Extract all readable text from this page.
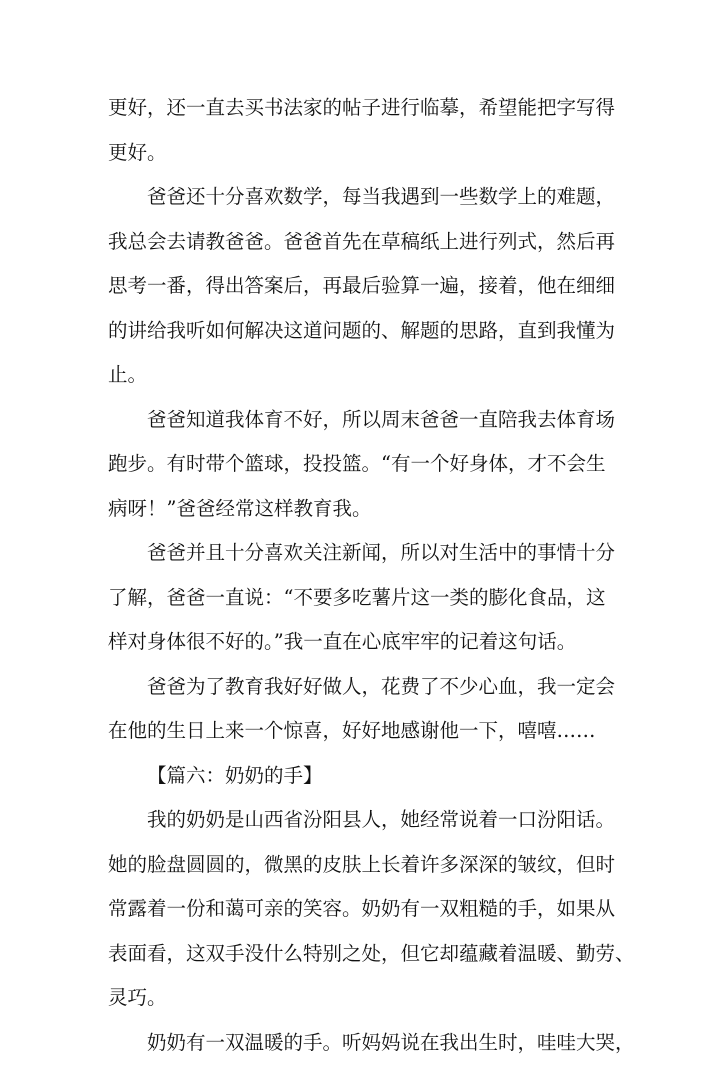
更好，还一直去买书法家的帖子进行临摹，希望能把字写得
更好。
爸爸还十分喜欢数学，每当我遇到一些数学上的难题，
我总会去请教爸爸。爸爸首先在草稿纸上进行列式，然后再
思考一番，得出答案后，再最后验算一遍，接着，他在细细
的讲给我听如何解决这道问题的、解题的思路，直到我懂为
止。
爸爸知道我体育不好，所以周末爸爸一直陪我去体育场
跑步。有时带个篮球，投投篮。“有一个好身体，才不会生
病呀！”爸爸经常这样教育我。
爸爸并且十分喜欢关注新闻，所以对生活中的事情十分
了解，爸爸一直说：“不要多吃薯片这一类的膨化食品，这
样对身体很不好的。”我一直在心底牢牢的记着这句话。
爸爸为了教育我好好做人，花费了不少心血，我一定会
在他的生日上来一个惊喜，好好地感谢他一下，嘻嘻……
【篇六：奶奶的手】
我的奶奶是山西省汾阳县人，她经常说着一口汾阳话。
她的脸盘圆圆的，微黑的皮肤上长着许多深深的皱纹，但时
常露着一份和蔼可亲的笑容。奶奶有一双粗糙的手，如果从
表面看，这双手没什么特别之处，但它却蕴藏着温暖、勤劳、
灵巧。
奶奶有一双温暖的手。听妈妈说在我出生时，哇哇大哭，
